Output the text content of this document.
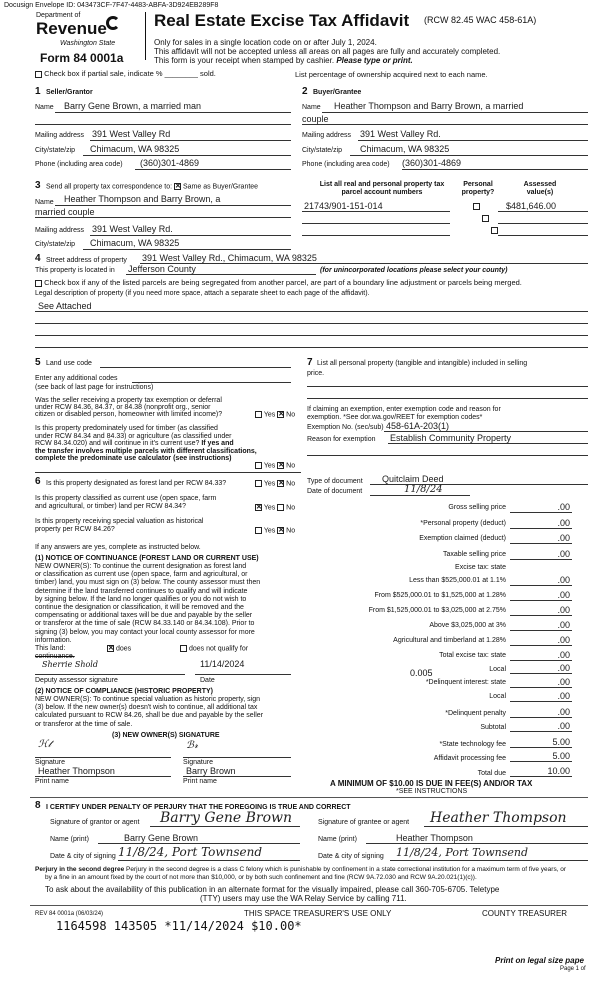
Docusign Envelope ID: 043473CF-7F47-4483-ABFA-3D924EB289F8
Department of
Revenue
Washington State
Form 84 0001a
Real Estate Excise Tax Affidavit (RCW 82.45 WAC 458-61A)
Only for sales in a single location code on or after July 1, 2024.
This affidavit will not be accepted unless all areas on all pages are fully and accurately completed.
This form is your receipt when stamped by cashier. Please type or print.
Check box if partial sale, indicate % ________ sold.	List percentage of ownership acquired next to each name.
1 Seller/Grantor
Name Barry Gene Brown, a married man
Mailing address 391 West Valley Rd
City/state/zip Chimacum, WA 98325
Phone (including area code) (360)301-4869
2 Buyer/Grantee
Name Heather Thompson and Barry Brown, a married
couple
Mailing address 391 West Valley Rd.
City/state/zip Chimacum, WA 98325
Phone (including area code) (360)301-4869
3 Send all property tax correspondence to: ✕ Same as Buyer/Grantee
Name Heather Thompson and Barry Brown, a
married couple
Mailing address 391 West Valley Rd.
City/state/zip Chimacum, WA 98325
List all real and personal property tax
parcel account numbers
Personal
property?
Assessed
value(s)
21743/901-151-014	$481,646.00

4 Street address of property 391 West Valley Rd., Chimacum, WA 98325
This property is located in Jefferson County	(for unincorporated locations please select your county)
Check box if any of the listed parcels are being segregated from another parcel, are part of a boundary line adjustment or parcels being merged.
Legal description of property (if you need more space, attach a separate sheet to each page of the affidavit).
See Attached
5 Land use code
Enter any additional codes
(see back of last page for instructions)
Was the seller receiving a property tax exemption or deferral
under RCW 84.36, 84.37, or 84.38 (nonprofit org., senior
citizen or disabled person, homeowner with limited income)?	Yes ✕ No
Is this property predominately used for timber (as classified
under RCW 84.34 and 84.33) or agriculture (as classified under
RCW 84.34.020) and will continue in it's current use? If yes and
the transfer involves multiple parcels with different classifications,
complete the predominate use calculator (see instructions)
Yes ✕ No
6 Is this property designated as forest land per RCW 84.33?	Yes ✕ No
Is this property classified as current use (open space, farm
and agricultural, or timber) land per RCW 84.34? ✕	Yes No
Is this property receiving special valuation as historical
property per RCW 84.26?	Yes ✕ No
If any answers are yes, complete as instructed below.
(1) NOTICE OF CONTINUANCE (FOREST LAND OR CURRENT USE)
NEW OWNER(S): To continue the current designation as forest land
or classification as current use (open space, farm and agricultural, or
timber) land, you must sign on (3) below. The county assessor must then
determine if the land transferred continues to qualify and will indicate
by signing below. If the land no longer qualifies or you do not wish to
continue the designation or classification, it will be removed and the
compensating or additional taxes will be due and payable by the seller
or transferor at the time of sale (RCW 84.33.140 or 84.34.108). Prior to
signing (3) below, you may contact your local county assessor for more
information.
This land: ✕	does	does not qualify for
continuance.
Sherrie Shold	11/14/2024
Deputy assessor signature	Date
(2) NOTICE OF COMPLIANCE (HISTORIC PROPERTY)
NEW OWNER(S): To continue special valuation as historic property, sign
(3) below. If the new owner(s) doesn't wish to continue, all additional tax
calculated pursuant to RCW 84.26, shall be due and payable by the seller
or transferor at the time of sale.
(3) NEW OWNER(S) SIGNATURE
ℋ𝓉	ℬ𝓇
Signature	Signature
Heather Thompson	Barry Brown
Print name	Print name
7 List all personal property (tangible and intangible) included in selling
price.
If claiming an exemption, enter exemption code and reason for
exemption. *See dor.wa.gov/REET for exemption codes*
Exemption No. (sec/sub) 458-61A-203(1)
Reason for exemption Establish Community Property
Type of document Quitclaim Deed
Date of document	11/8/24
Gross selling price	.00
*Personal property (deduct)	.00
Exemption claimed (deduct)	.00
Taxable selling price	.00
Excise tax: state
Less than $525,000.01 at 1.1%	.00
From $525,000.01 to $1,525,000 at 1.28%	.00
From $1,525,000.01 to $3,025,000 at 2.75%	.00
Above $3,025,000 at 3%	.00
Agricultural and timberland at 1.28%	.00
Total excise tax: state	.00
0.005	Local	.00
*Delinquent interest: state	.00
Local	.00
*Delinquent penalty	.00
Subtotal	.00
*State technology fee	5.00
Affidavit processing fee	5.00
Total due	10.00
A MINIMUM OF $10.00 IS DUE IN FEE(S) AND/OR TAX
*SEE INSTRUCTIONS
8 I CERTIFY UNDER PENALTY OF PERJURY THAT THE FOREGOING IS TRUE AND CORRECT
Signature of grantor or agent Barry Gene Brown	Signature of grantee or agent Heather Thompson
Name (print)	Barry Gene Brown	Name (print)	Heather Thompson
Date & city of signing 11/8/24, Port Townsend	Date & city of signing 11/8/24, Port Townsend
Perjury in the second degree Perjury in the second degree is a class C felony which is punishable by confinement in a state correctional institution for a maximum term of five years, or
by a fine in an amount fixed by the court of not more than $10,000, or by both such confinement and fine (RCW 9A.72.030 and RCW 9A.20.021(1)(c)).
To ask about the availability of this publication in an alternate format for the visually impaired, please call 360-705-6705. Teletype
(TTY) users may use the WA Relay Service by calling 711.
REV 84 0001a (06/03/24)	THIS SPACE TREASURER'S USE ONLY	COUNTY TREASURER
1164598 143505 *11/14/2024 $10.00*
Print on legal size pape
Page 1 of
